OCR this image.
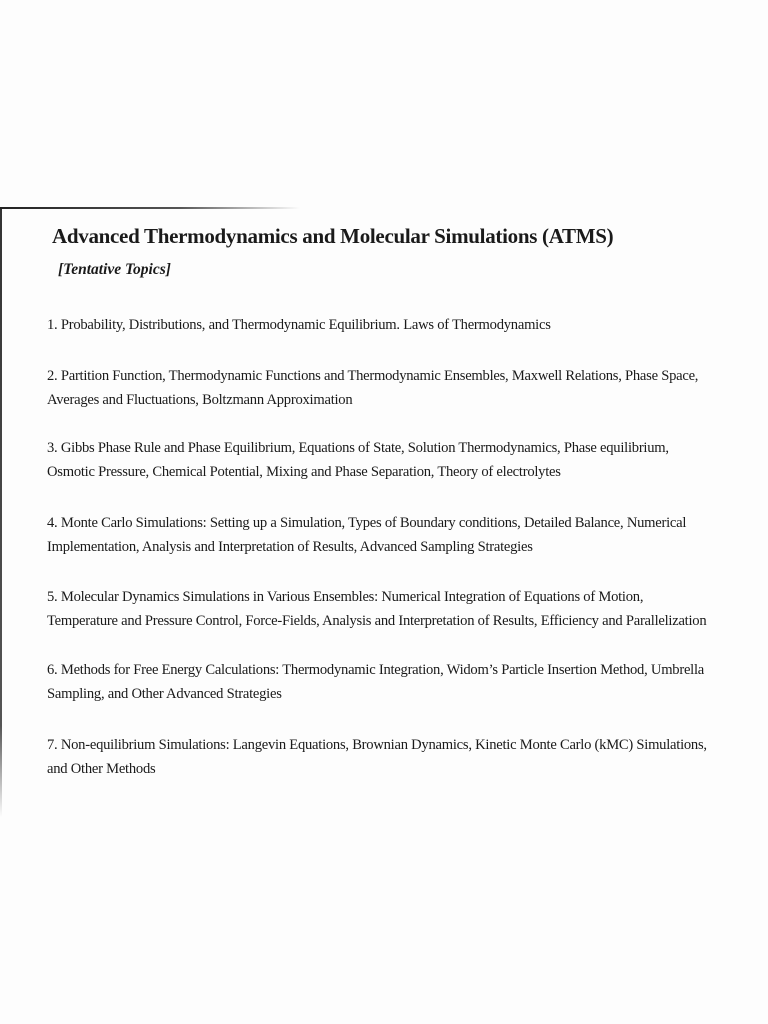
Advanced Thermodynamics and Molecular Simulations (ATMS)
[Tentative Topics]
1. Probability, Distributions, and Thermodynamic Equilibrium. Laws of Thermodynamics
2. Partition Function, Thermodynamic Functions and Thermodynamic Ensembles, Maxwell Relations, Phase Space,
Averages and Fluctuations, Boltzmann Approximation
3. Gibbs Phase Rule and Phase Equilibrium, Equations of State, Solution Thermodynamics, Phase equilibrium,
Osmotic Pressure, Chemical Potential, Mixing and Phase Separation, Theory of electrolytes
4. Monte Carlo Simulations: Setting up a Simulation, Types of Boundary conditions, Detailed Balance, Numerical
Implementation, Analysis and Interpretation of Results, Advanced Sampling Strategies
5. Molecular Dynamics Simulations in Various Ensembles: Numerical Integration of Equations of Motion,
Temperature and Pressure Control, Force-Fields, Analysis and Interpretation of Results, Efficiency and Parallelization
6. Methods for Free Energy Calculations: Thermodynamic Integration, Widom’s Particle Insertion Method, Umbrella
Sampling, and Other Advanced Strategies
7. Non-equilibrium Simulations: Langevin Equations, Brownian Dynamics, Kinetic Monte Carlo (kMC) Simulations,
and Other Methods
